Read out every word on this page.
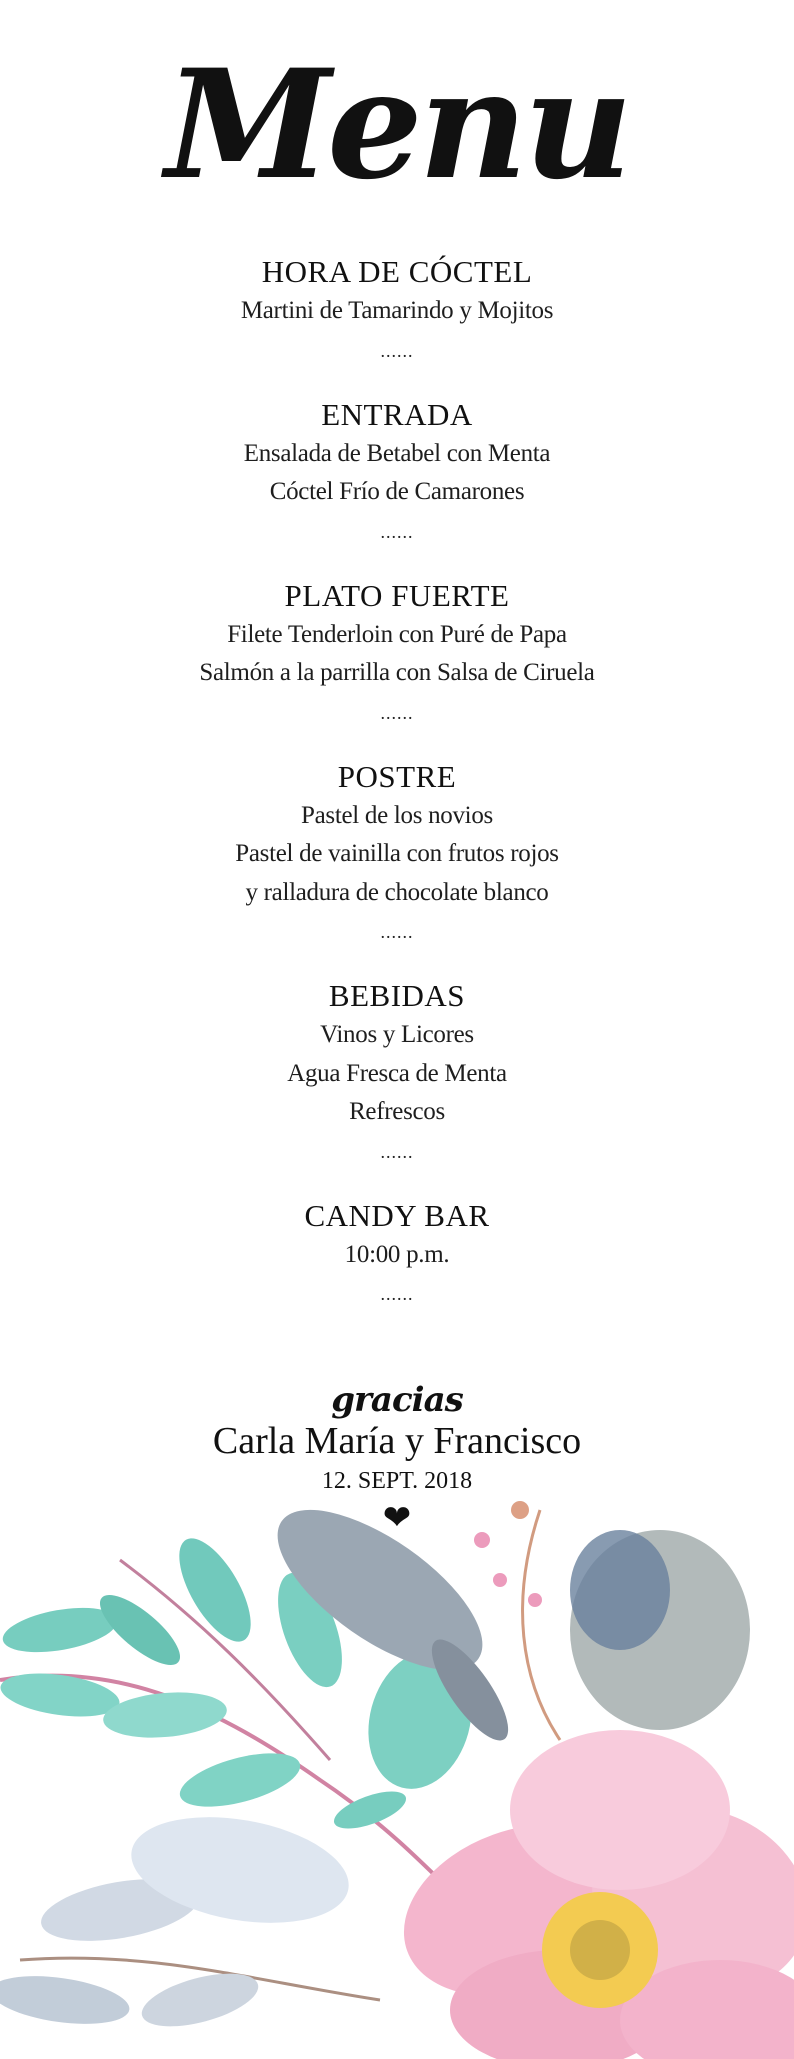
Menu
HORA DE CÓCTEL
Martini de Tamarindo y Mojitos
......
ENTRADA
Ensalada de Betabel con Menta
Cóctel Frío de Camarones
......
PLATO FUERTE
Filete Tenderloin con Puré de Papa
Salmón a la parrilla con Salsa de Ciruela
......
POSTRE
Pastel de los novios
Pastel de vainilla con frutos rojos
y ralladura de chocolate blanco
......
BEBIDAS
Vinos y Licores
Agua Fresca de Menta
Refrescos
......
CANDY BAR
10:00 p.m.
......
gracias
Carla María y Francisco
12. SEPT. 2018
❤
